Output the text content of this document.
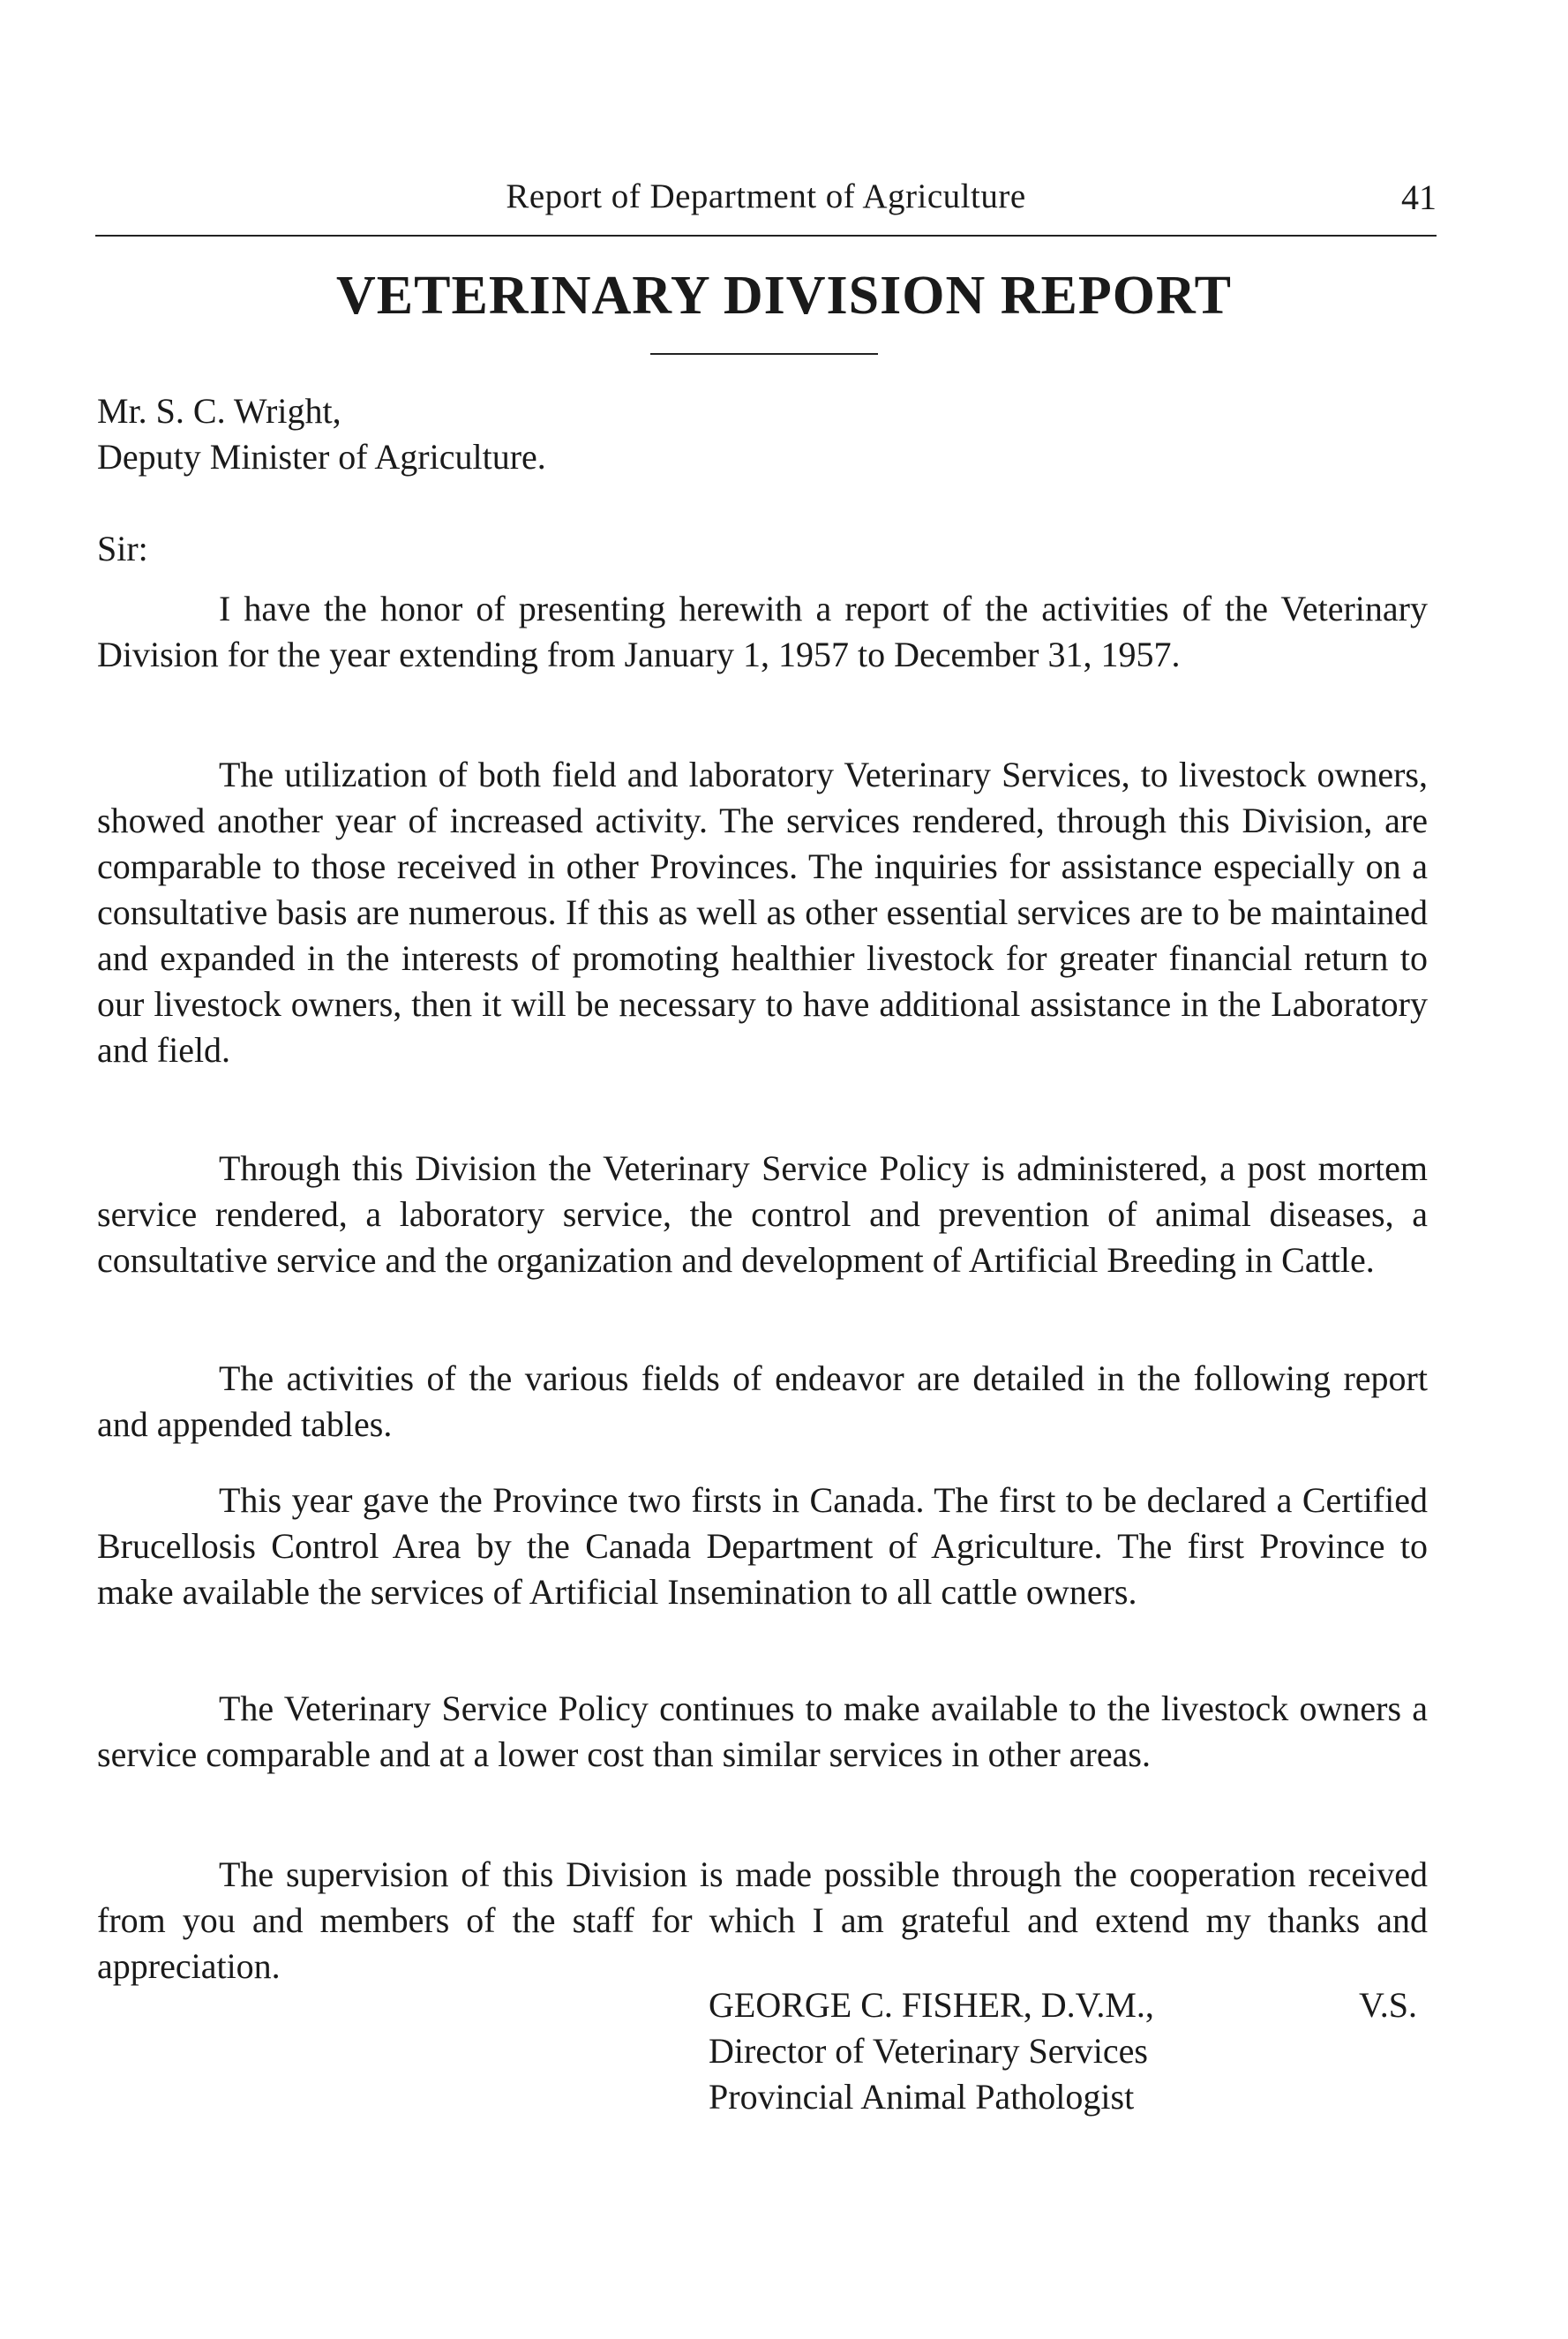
Report of Department of Agriculture	41
VETERINARY DIVISION REPORT
Mr. S. C. Wright,
Deputy Minister of Agriculture.
Sir:

I have the honor of presenting herewith a report of the activities of the Veterinary Division for the year extending from January 1, 1957 to December 31, 1957.

The utilization of both field and laboratory Veterinary Services, to livestock owners, showed another year of increased activity. The services rendered, through this Division, are comparable to those received in other Provinces. The inquiries for assistance especially on a consultative basis are numerous. If this as well as other essential services are to be maintained and expanded in the interests of promoting healthier livestock for greater financial return to our livestock owners, then it will be necessary to have additional assistance in the Laboratory and field.

Through this Division the Veterinary Service Policy is administered, a post mortem service rendered, a laboratory service, the control and prevention of animal diseases, a consultative service and the organization and development of Artificial Breeding in Cattle.

The activities of the various fields of endeavor are detailed in the following report and appended tables.

This year gave the Province two firsts in Canada. The first to be declared a Certified Brucellosis Control Area by the Canada Department of Agriculture. The first Province to make available the services of Artificial Insemination to all cattle owners.

The Veterinary Service Policy continues to make available to the livestock owners a service comparable and at a lower cost than similar services in other areas.

The supervision of this Division is made possible through the cooperation received from you and members of the staff for which I am grateful and extend my thanks and appreciation.

GEORGE C. FISHER, D.V.M.,	V.S.
Director of Veterinary Services
Provincial Animal Pathologist
